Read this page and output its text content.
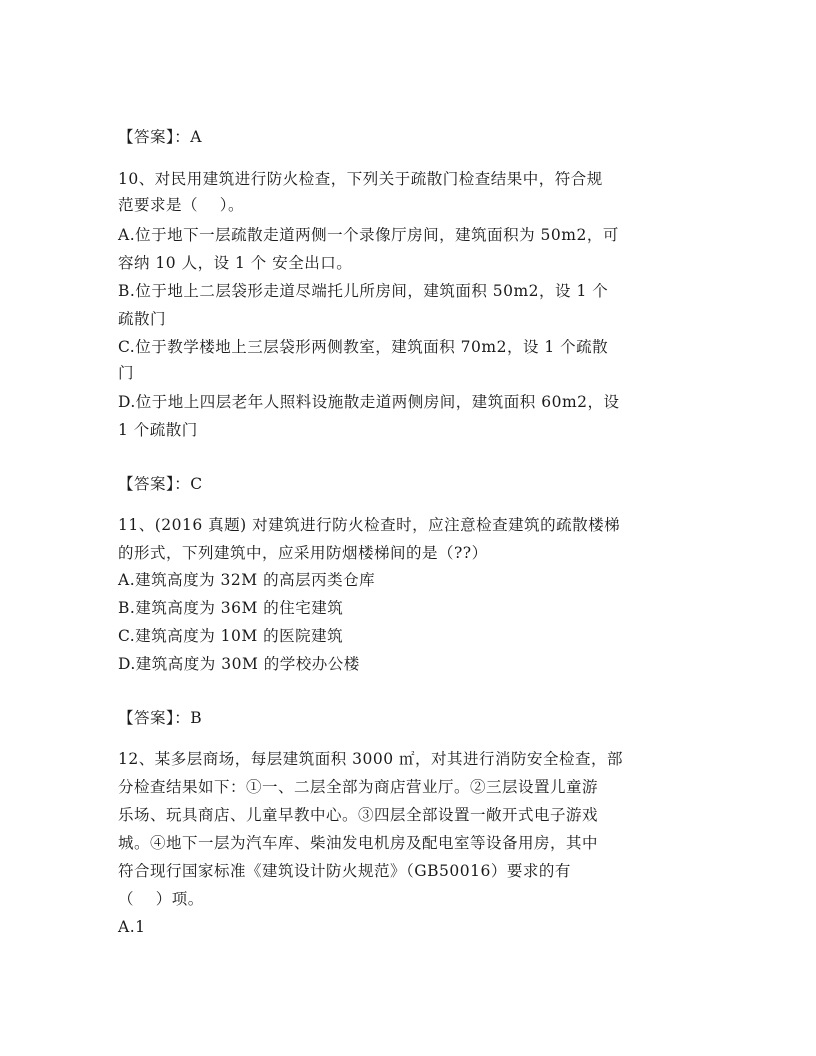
【答案】：A
10、对民用建筑进行防火检查，下列关于疏散门检查结果中，符合规
范要求是（    ）。
A.位于地下一层疏散走道两侧一个录像厅房间，建筑面积为 50m2，可
容纳 10 人，设 1 个 安全出口。
B.位于地上二层袋形走道尽端托儿所房间，建筑面积 50m2，设 1 个
疏散门
C.位于教学楼地上三层袋形两侧教室，建筑面积 70m2，设 1 个疏散
门
D.位于地上四层老年人照料设施散走道两侧房间，建筑面积 60m2，设
1 个疏散门
【答案】：C
11、(2016 真题) 对建筑进行防火检查时，应注意检查建筑的疏散楼梯
的形式，下列建筑中，应采用防烟楼梯间的是（??）
A.建筑高度为 32M 的高层丙类仓库
B.建筑高度为 36M 的住宅建筑
C.建筑高度为 10M 的医院建筑
D.建筑高度为 30M 的学校办公楼
【答案】：B
12、某多层商场，每层建筑面积 3000 ㎡，对其进行消防安全检查，部
分检查结果如下：①一、二层全部为商店营业厅。②三层设置儿童游
乐场、玩具商店、儿童早教中心。③四层全部设置一敞开式电子游戏
城。④地下一层为汽车库、柴油发电机房及配电室等设备用房，其中
符合现行国家标准《建筑设计防火规范》（GB50016）要求的有
（    ）项。
A.1
